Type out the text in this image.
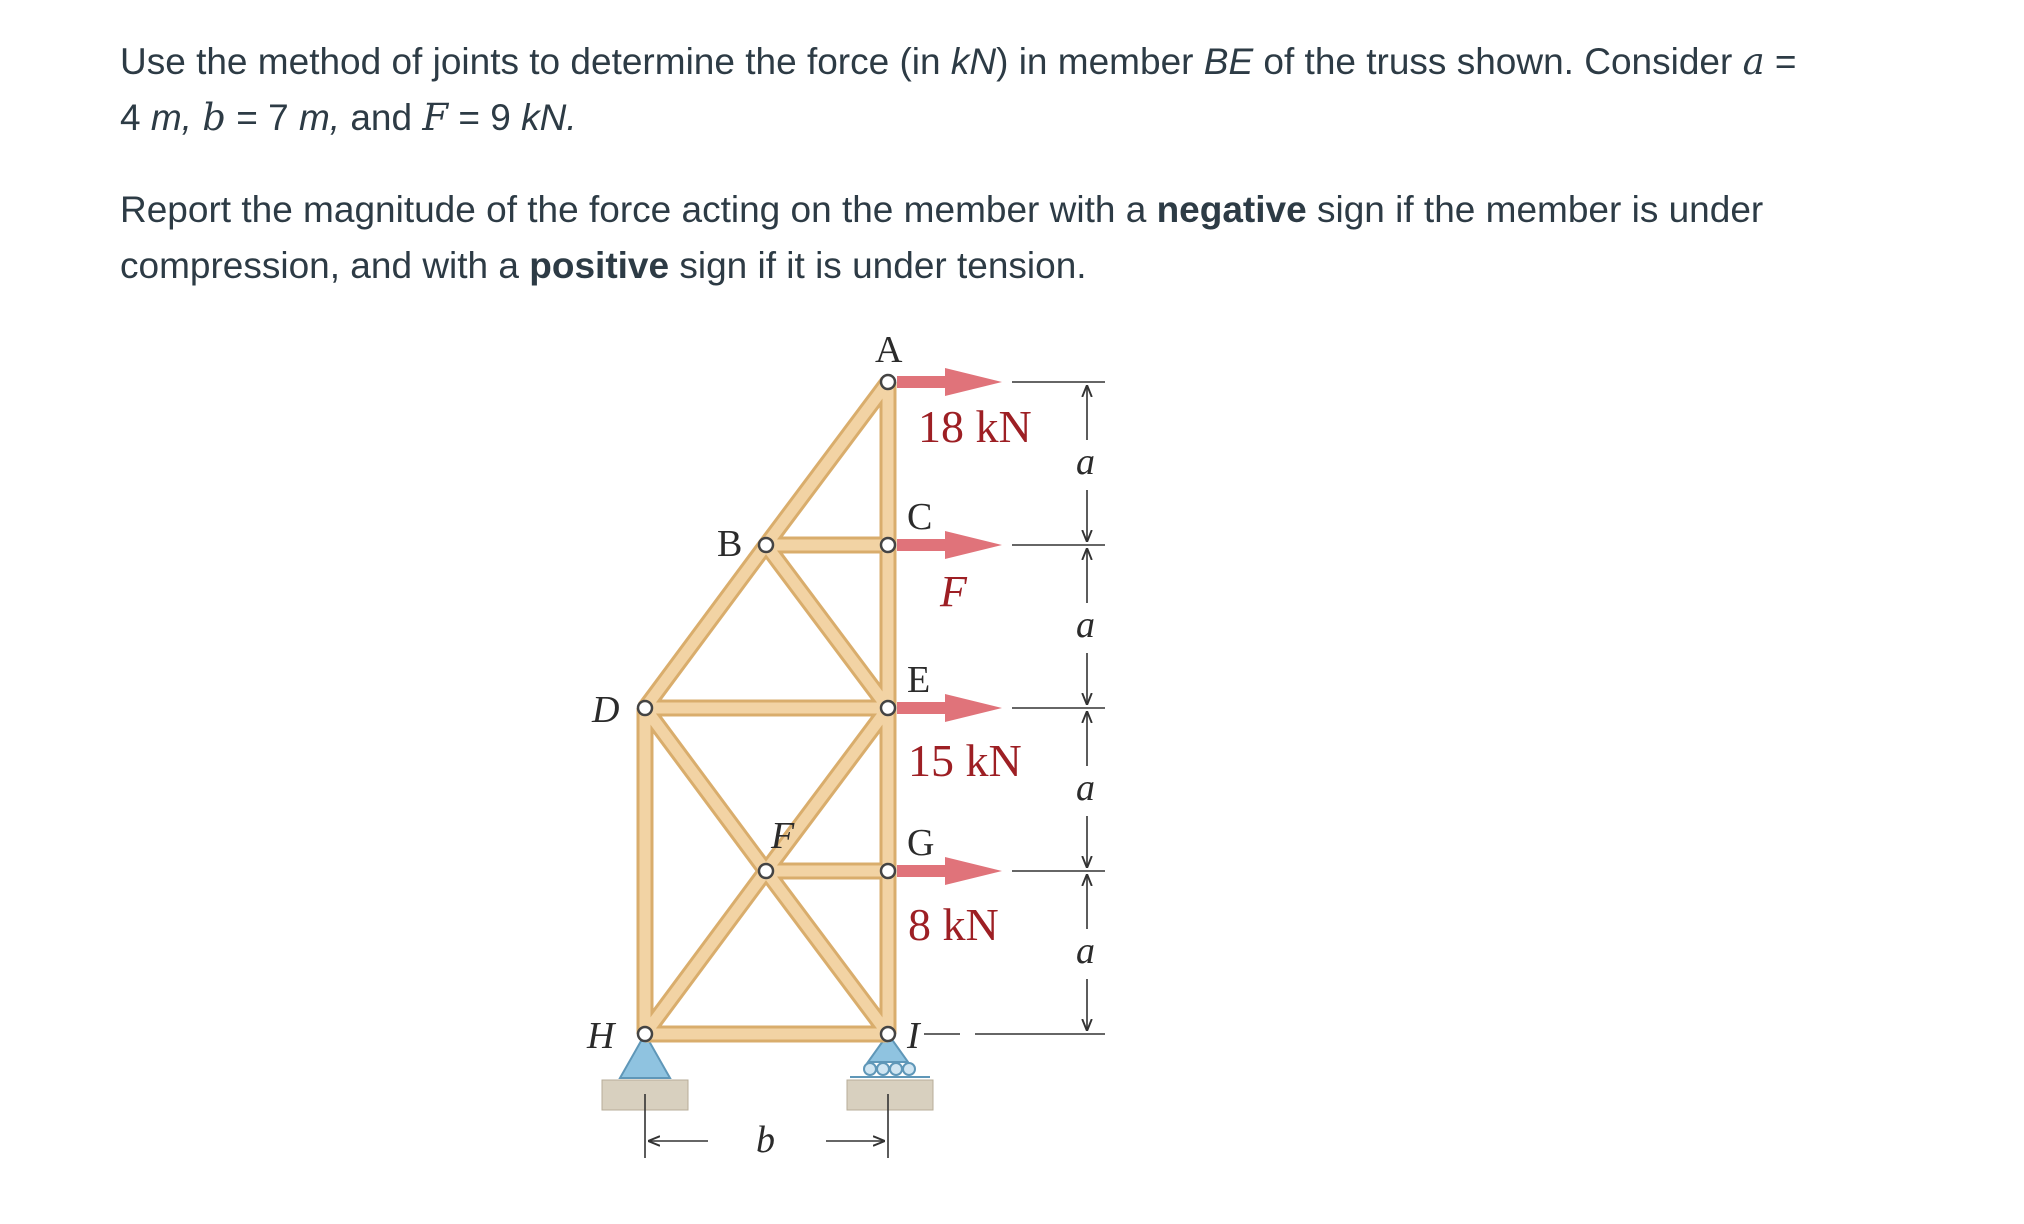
Use the method of joints to determine the force (in kN) in member BE of the truss shown. Consider a = 4 m, b = 7 m, and F = 9 kN.

Report the magnitude of the force acting on the member with a negative sign if the member is under compression, and with a positive sign if it is under tension.

A
B
C
D
E
F	G
H	I
18 kN
F
15 kN
8 kN
a
a
a
a
b
